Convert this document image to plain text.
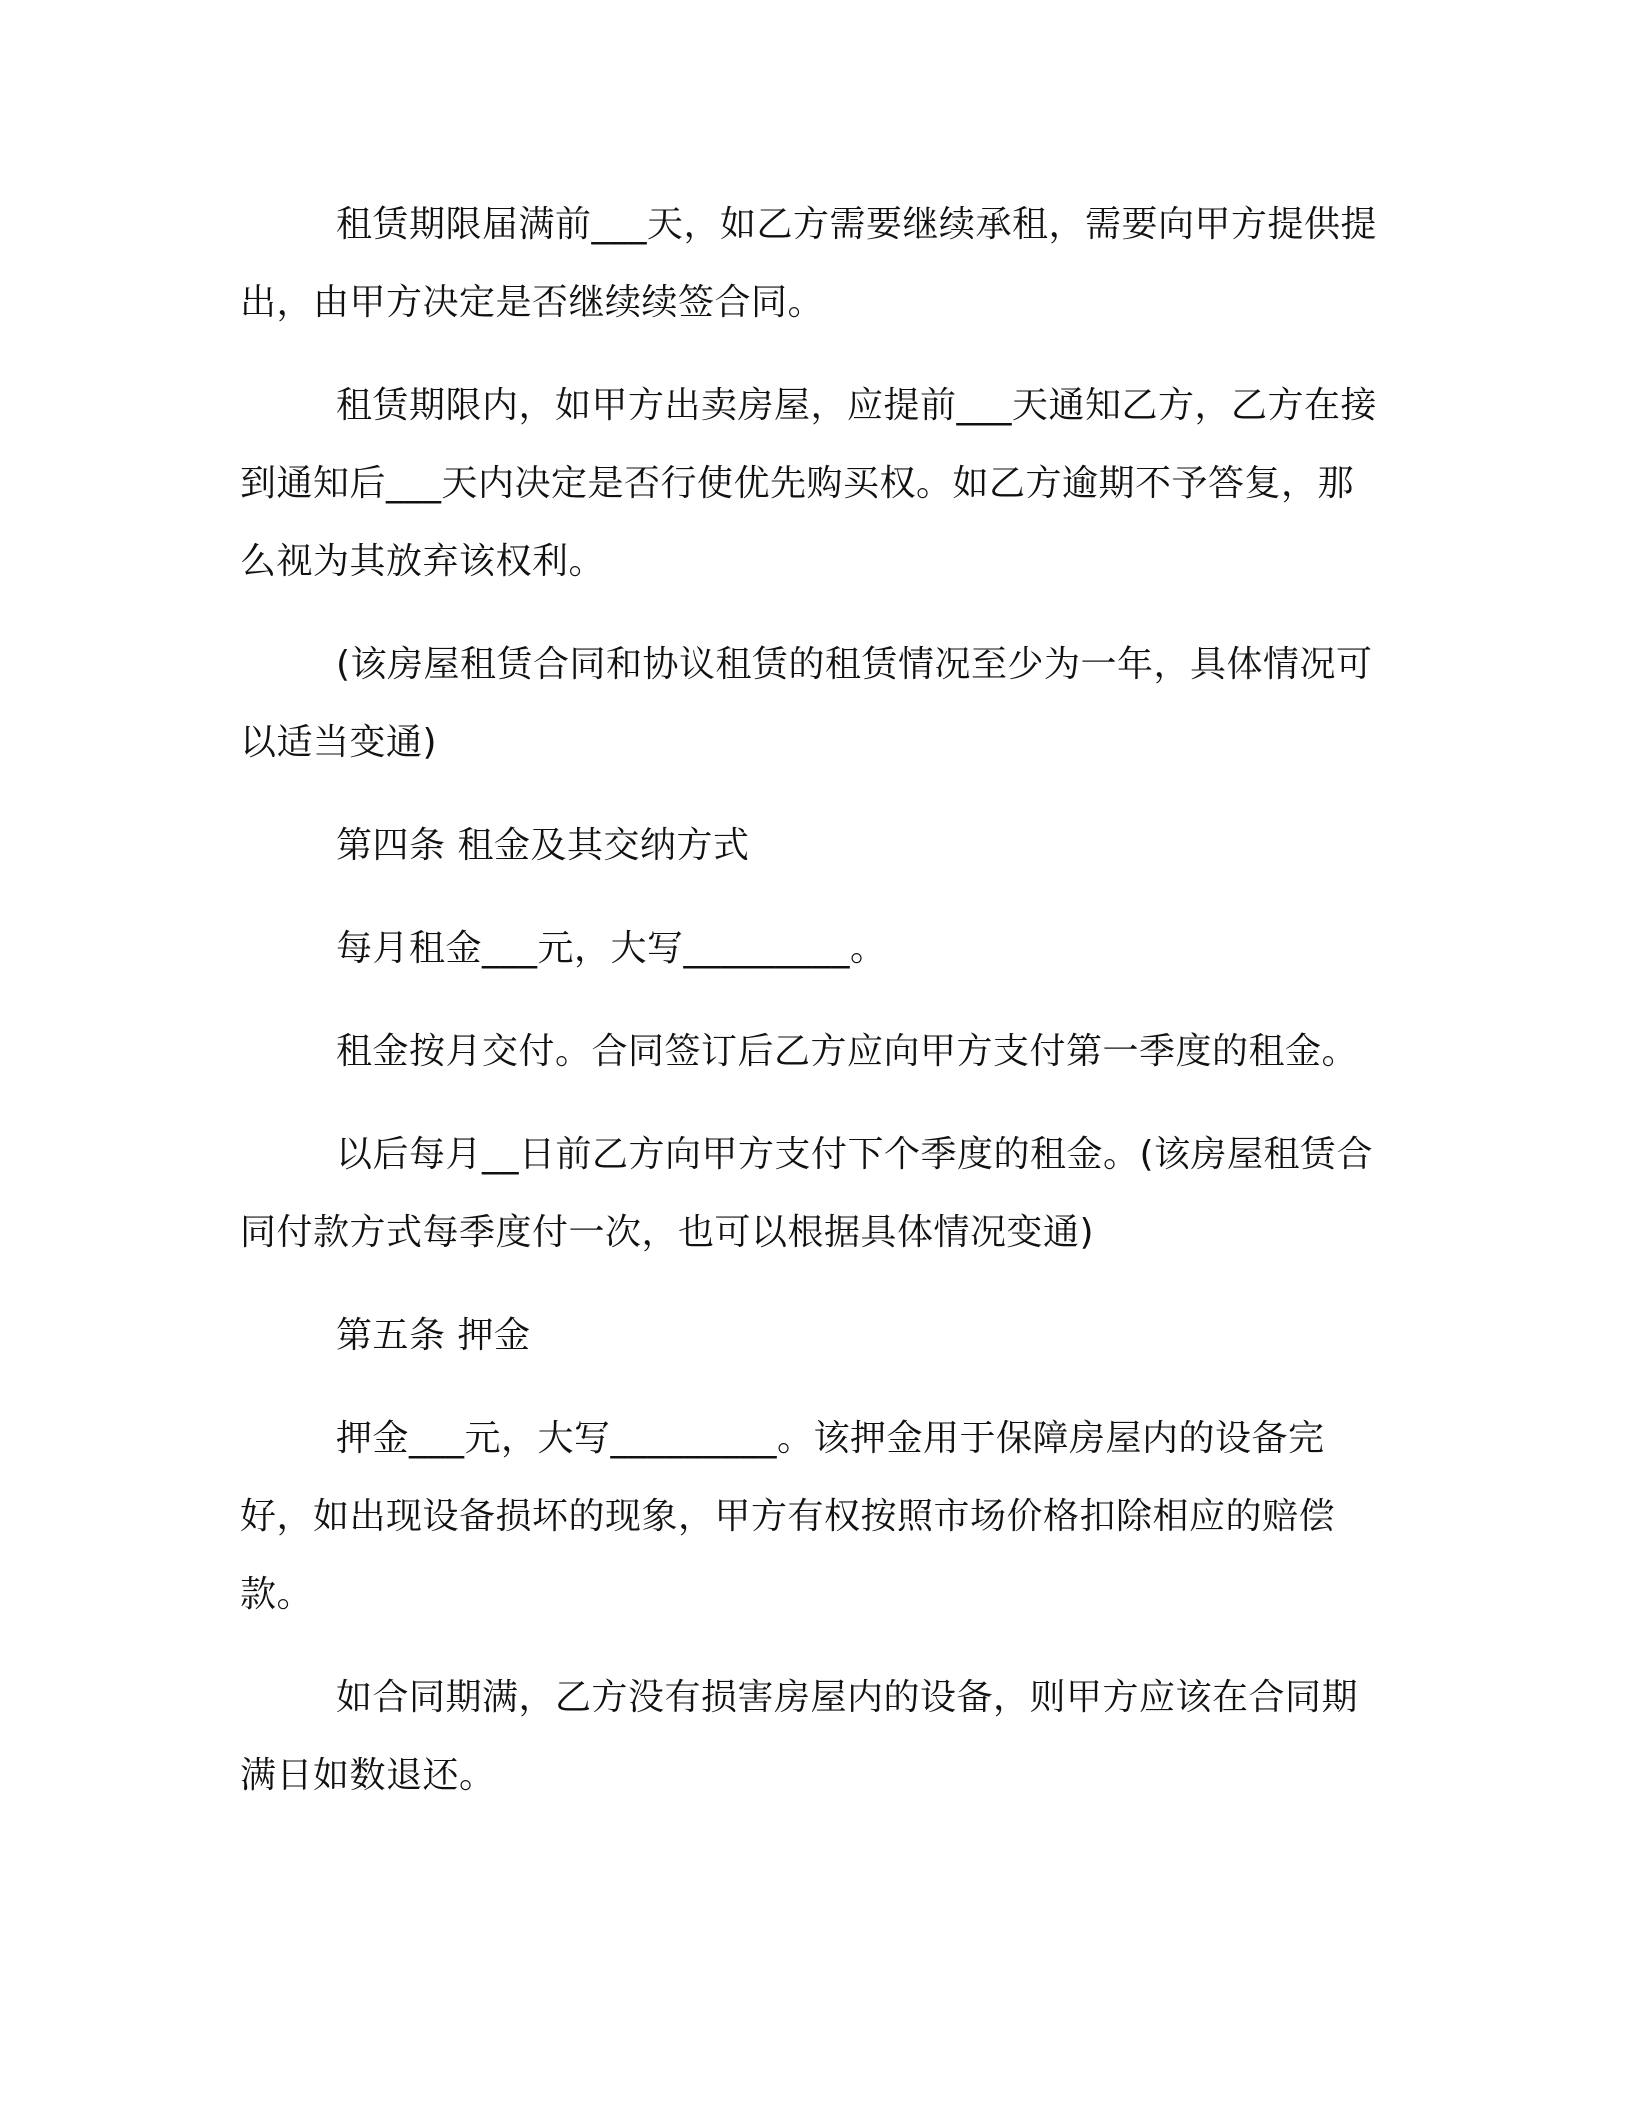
租赁期限届满前___天，如乙方需要继续承租，需要向甲方提供提出，由甲方决定是否继续续签合同。

租赁期限内，如甲方出卖房屋，应提前___天通知乙方，乙方在接到通知后___天内决定是否行使优先购买权。如乙方逾期不予答复，那么视为其放弃该权利。

(该房屋租赁合同和协议租赁的租赁情况至少为一年，具体情况可以适当变通)

第四条 租金及其交纳方式

每月租金___元，大写_________。

租金按月交付。合同签订后乙方应向甲方支付第一季度的租金。

以后每月__日前乙方向甲方支付下个季度的租金。(该房屋租赁合同付款方式每季度付一次，也可以根据具体情况变通)

第五条 押金

押金___元，大写_________。该押金用于保障房屋内的设备完好，如出现设备损坏的现象，甲方有权按照市场价格扣除相应的赔偿款。

如合同期满，乙方没有损害房屋内的设备，则甲方应该在合同期满日如数退还。
